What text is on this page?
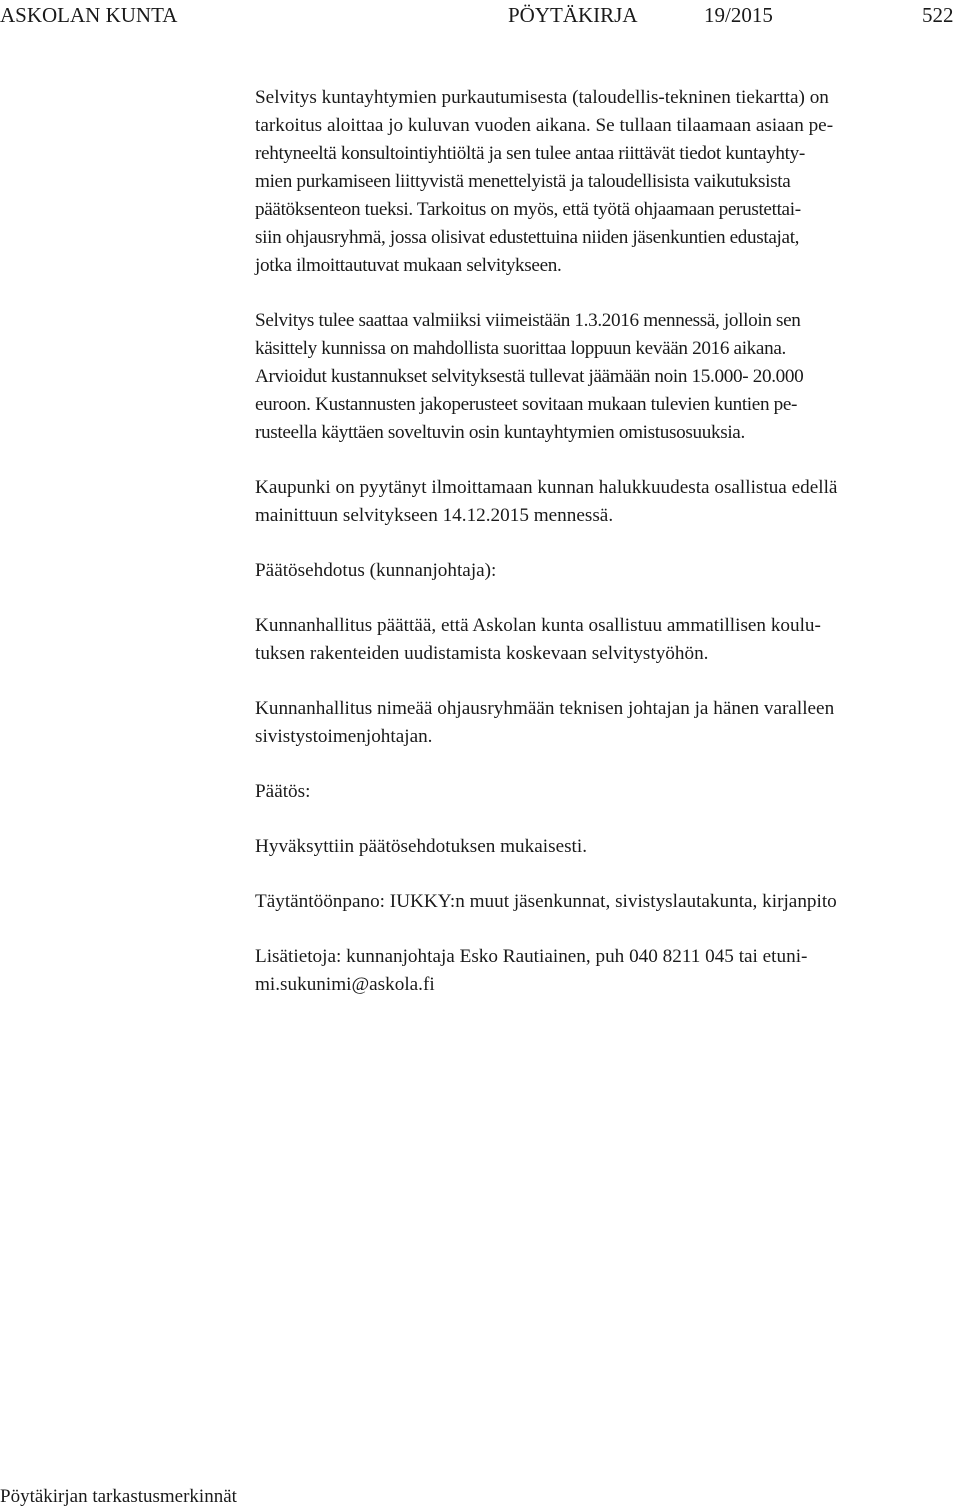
ASKOLAN KUNTA	PÖYTÄKIRJA	19/2015	522

Selvitys kuntayhtymien purkautumisesta (taloudellis-tekninen tiekartta) on
tarkoitus aloittaa jo kuluvan vuoden aikana. Se tullaan tilaamaan asiaan pe-
rehtyneeltä konsultointiyhtiöltä ja sen tulee antaa riittävät tiedot kuntayhty-
mien purkamiseen liittyvistä menettelyistä ja taloudellisista vaikutuksista
päätöksenteon tueksi. Tarkoitus on myös, että työtä ohjaamaan perustettai-
siin ohjausryhmä, jossa olisivat edustettuina niiden jäsenkuntien edustajat,
jotka ilmoittautuvat mukaan selvitykseen.

Selvitys tulee saattaa valmiiksi viimeistään 1.3.2016 mennessä, jolloin sen
käsittely kunnissa on mahdollista suorittaa loppuun kevään 2016 aikana.
Arvioidut kustannukset selvityksestä tullevat jäämään noin 15.000- 20.000
euroon. Kustannusten jakoperusteet sovitaan mukaan tulevien kuntien pe-
rusteella käyttäen soveltuvin osin kuntayhtymien omistusosuuksia.

Kaupunki on pyytänyt ilmoittamaan kunnan halukkuudesta osallistua edellä
mainittuun selvitykseen 14.12.2015 mennessä.

Päätösehdotus (kunnanjohtaja):

Kunnanhallitus päättää, että Askolan kunta osallistuu ammatillisen koulu-
tuksen rakenteiden uudistamista koskevaan selvitystyöhön.

Kunnanhallitus nimeää ohjausryhmään teknisen johtajan ja hänen varalleen
sivistystoimenjohtajan.

Päätös:

Hyväksyttiin päätösehdotuksen mukaisesti.

Täytäntöönpano: IUKKY:n muut jäsenkunnat, sivistyslautakunta, kirjanpito

Lisätietoja: kunnanjohtaja Esko Rautiainen, puh 040 8211 045 tai etuni-
mi.sukunimi@askola.fi

Pöytäkirjan tarkastusmerkinnät
